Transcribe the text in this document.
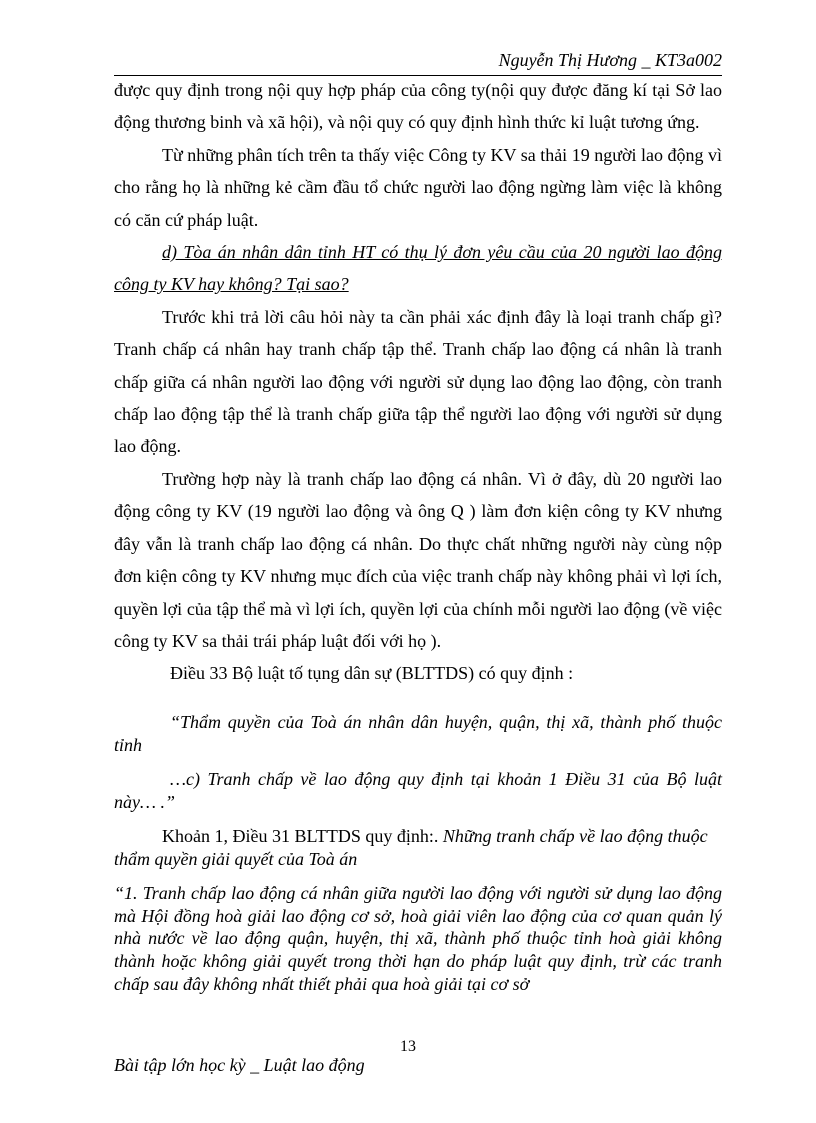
Nguyễn Thị Hương _ KT3a002

được quy định trong nội quy hợp pháp của công ty(nội quy được đăng kí tại Sở lao động thương binh và xã hội), và nội quy có quy định hình thức kỉ luật tương ứng.

Từ những phân tích trên ta thấy việc Công ty KV sa thải 19 người lao động vì cho rằng họ là những kẻ cầm đầu tổ chức người lao động ngừng làm việc là không có căn cứ pháp luật.

d) Tòa án nhân dân tỉnh HT có thụ lý đơn yêu cầu của 20 người lao động công ty KV hay không? Tại sao?

Trước khi trả lời câu hỏi này ta cần phải xác định đây là loại tranh chấp gì? Tranh chấp cá nhân hay tranh chấp tập thể. Tranh chấp lao động cá nhân là tranh chấp giữa cá nhân người lao động với người sử dụng lao động lao động, còn tranh chấp lao động tập thể là tranh chấp giữa tập thể người lao động với người sử dụng lao động.

Trường hợp này là tranh chấp lao động cá nhân. Vì ở đây, dù 20 người lao động công ty KV (19 người lao động và ông Q ) làm đơn kiện công ty KV nhưng đây vẫn là tranh chấp lao động cá nhân. Do thực chất những người này cùng nộp đơn kiện công ty KV nhưng mục đích của việc tranh chấp này không phải vì lợi ích, quyền lợi của tập thể mà vì lợi ích, quyền lợi của chính mỗi người lao động (về việc công ty KV sa thải trái pháp luật đối với họ ).

Điều 33 Bộ luật tố tụng dân sự (BLTTDS) có quy định :

“Thẩm quyền của Toà án nhân dân huyện, quận, thị xã, thành phố thuộc tỉnh

…c) Tranh chấp về lao động quy định tại khoản 1 Điều 31 của Bộ luật này… .”

Khoản 1, Điều 31 BLTTDS quy định:. Những tranh chấp về lao động thuộc thẩm quyền giải quyết của Toà án

“1. Tranh chấp lao động cá nhân giữa người lao động với người sử dụng lao động mà Hội đồng hoà giải lao động cơ sở, hoà giải viên lao động của cơ quan quản lý nhà nước về lao động quận, huyện, thị xã, thành phố thuộc tỉnh hoà giải không thành hoặc không giải quyết trong thời hạn do pháp luật quy định, trừ các tranh chấp sau đây không nhất thiết phải qua hoà giải tại cơ sở

13
Bài tập lớn học kỳ _ Luật lao động
